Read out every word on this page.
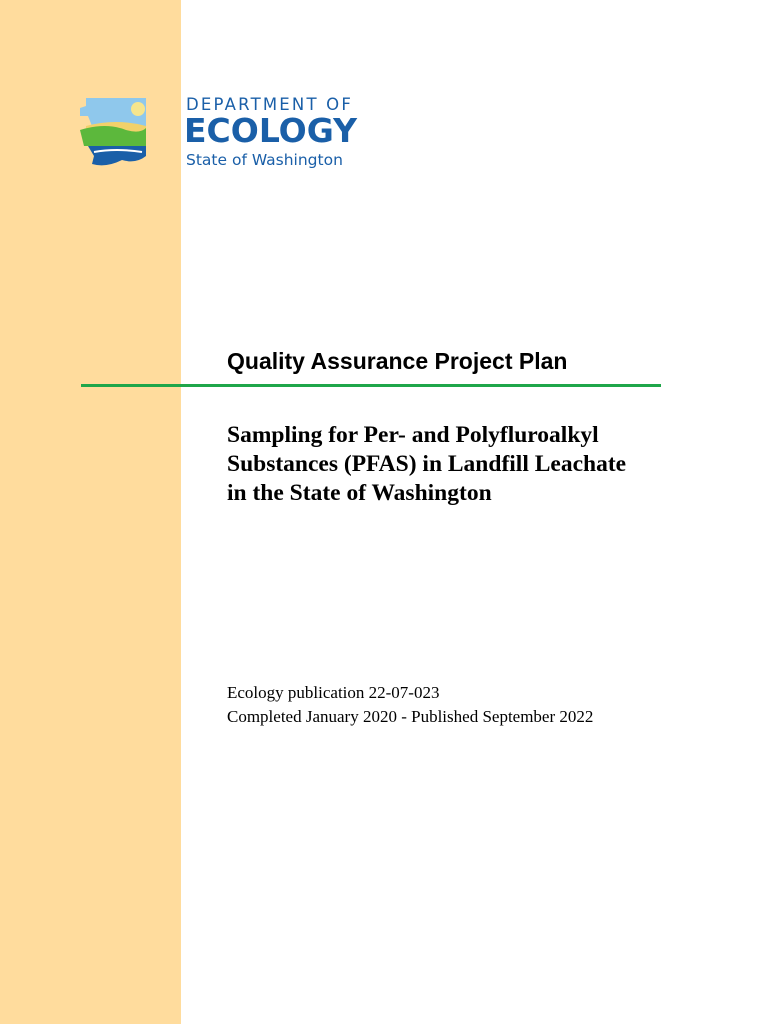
DEPARTMENT OF
ECOLOGY
State of Washington
Quality Assurance Project Plan
Sampling for Per- and Polyfluroalkyl
Substances (PFAS) in Landfill Leachate
in the State of Washington
Ecology publication 22-07-023
Completed January 2020 - Published September 2022
